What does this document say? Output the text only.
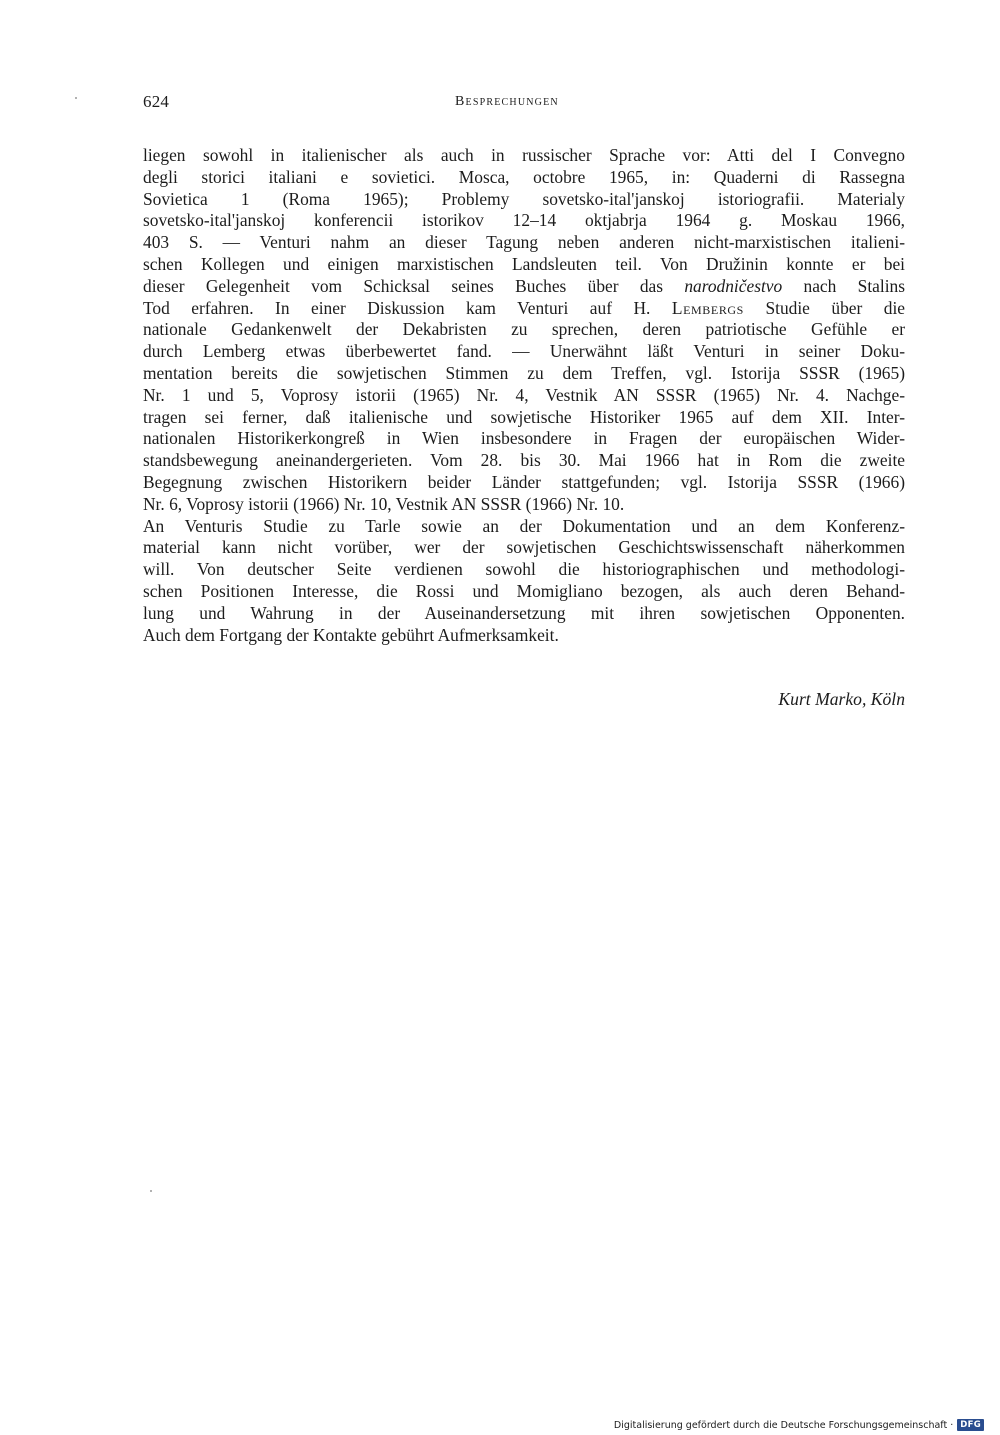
624	Besprechungen
liegen sowohl in italienischer als auch in russischer Sprache vor: Atti del I Convegno
degli storici italiani e sovietici. Mosca, octobre 1965, in: Quaderni di Rassegna
Sovietica 1 (Roma 1965); Problemy sovetsko-ital'janskoj istoriografii. Materialy
sovetsko-ital'janskoj konferencii istorikov 12–14 oktjabrja 1964 g. Moskau 1966,
403 S. — Venturi nahm an dieser Tagung neben anderen nicht-marxistischen italieni-
schen Kollegen und einigen marxistischen Landsleuten teil. Von Družinin konnte er bei
dieser Gelegenheit vom Schicksal seines Buches über das narodničestvo nach Stalins
Tod erfahren. In einer Diskussion kam Venturi auf H. Lembergs Studie über die
nationale Gedankenwelt der Dekabristen zu sprechen, deren patriotische Gefühle er
durch Lemberg etwas überbewertet fand. — Unerwähnt läßt Venturi in seiner Doku-
mentation bereits die sowjetischen Stimmen zu dem Treffen, vgl. Istorija SSSR (1965)
Nr. 1 und 5, Voprosy istorii (1965) Nr. 4, Vestnik AN SSSR (1965) Nr. 4. Nachge-
tragen sei ferner, daß italienische und sowjetische Historiker 1965 auf dem XII. Inter-
nationalen Historikerkongreß in Wien insbesondere in Fragen der europäischen Wider-
standsbewegung aneinandergerieten. Vom 28. bis 30. Mai 1966 hat in Rom die zweite
Begegnung zwischen Historikern beider Länder stattgefunden; vgl. Istorija SSSR (1966)
Nr. 6, Voprosy istorii (1966) Nr. 10, Vestnik AN SSSR (1966) Nr. 10.
An Venturis Studie zu Tarle sowie an der Dokumentation und an dem Konferenz-
material kann nicht vorüber, wer der sowjetischen Geschichtswissenschaft näherkommen
will. Von deutscher Seite verdienen sowohl die historiographischen und methodologi-
schen Positionen Interesse, die Rossi und Momigliano bezogen, als auch deren Behand-
lung und Wahrung in der Auseinandersetzung mit ihren sowjetischen Opponenten.
Auch dem Fortgang der Kontakte gebührt Aufmerksamkeit.
Kurt Marko, Köln
Digitalisierung gefördert durch die Deutsche Forschungsgemeinschaft · DFG
